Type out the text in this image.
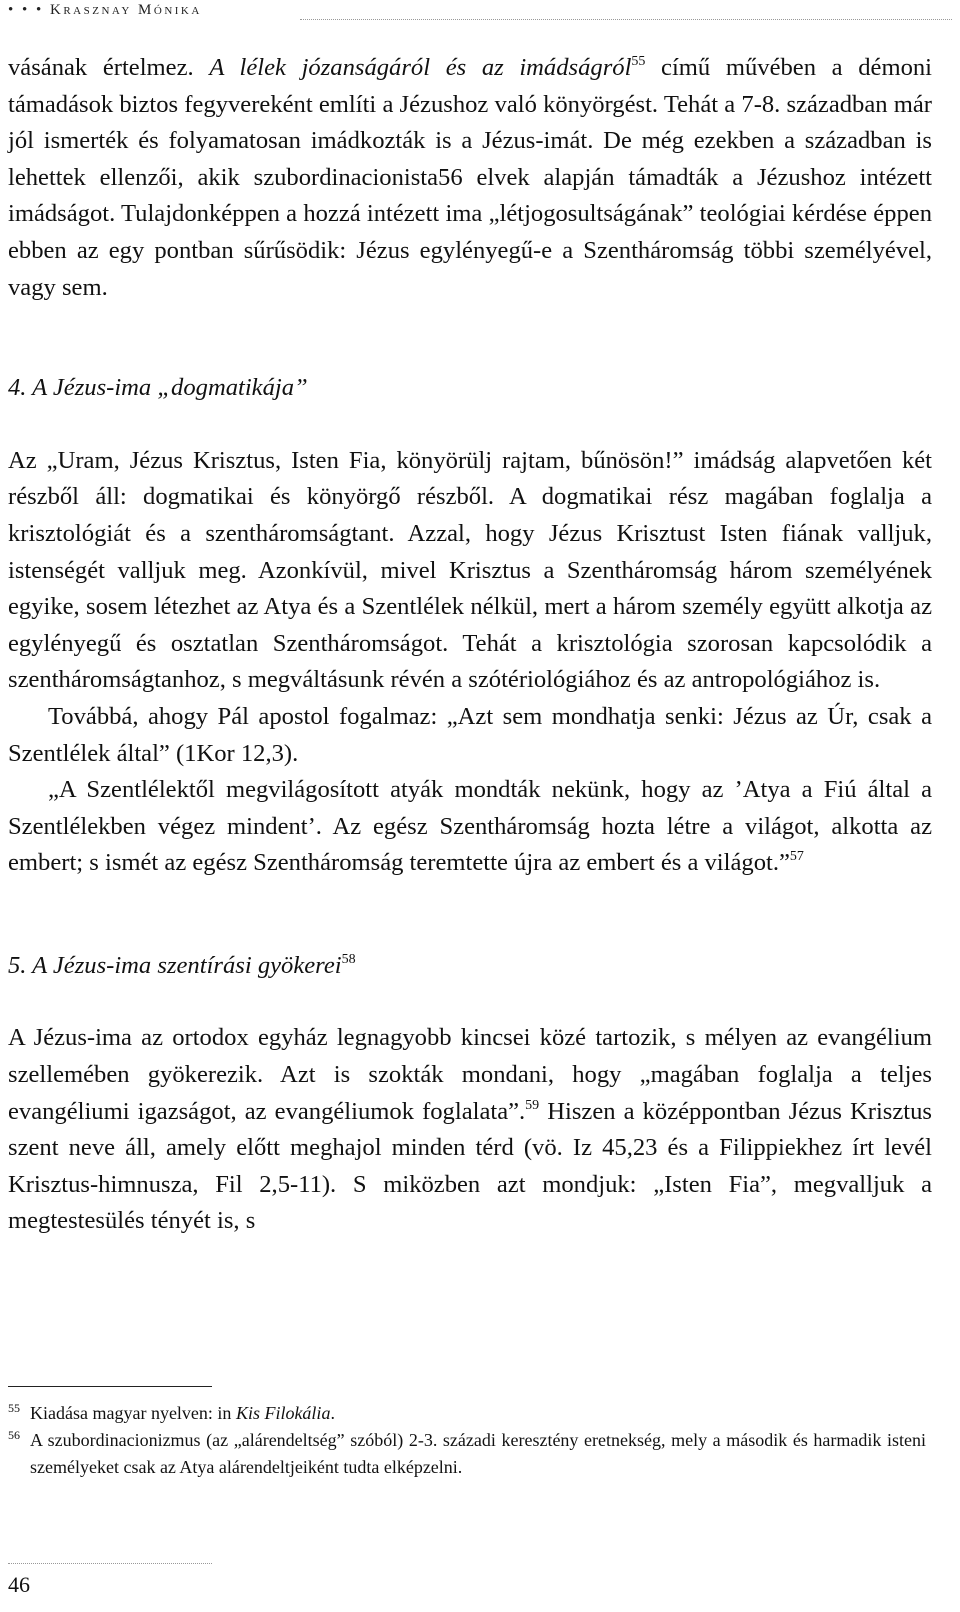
• • • Krasznay Mónika

vásának értelmez. A lélek józanságáról és az imádságról$^{55}$ című művében a démoni támadások biztos fegyvereként említi a Jézushoz való könyörgést. Tehát a 7-8. században már jól ismerték és folyamatosan imádkozták is a Jézus-imát. De még ezekben a században is lehettek ellenzői, akik szubordinacionista56 elvek alapján támadták a Jézushoz intézett imádságot. Tulajdonképpen a hozzá intézett ima „létjogosultságának” teológiai kérdése éppen ebben az egy pontban sűrűsödik: Jézus egylényegű-e a Szentháromság többi személyével, vagy sem.

4. A Jézus-ima „dogmatikája”

Az „Uram, Jézus Krisztus, Isten Fia, könyörülj rajtam, bűnösön!” imádság alapvetően két részből áll: dogmatikai és könyörgő részből. A dogmatikai rész magában foglalja a krisztológiát és a szentháromságtant. Azzal, hogy Jézus Krisztust Isten fiának valljuk, istenségét valljuk meg. Azonkívül, mivel Krisztus a Szentháromság három személyének egyike, sosem létezhet az Atya és a Szentlélek nélkül, mert a három személy együtt alkotja az egylényegű és osztatlan Szentháromságot. Tehát a krisztológia szorosan kapcsolódik a szentháromságtanhoz, s megváltásunk révén a szótériológiához és az antropológiához is.

Továbbá, ahogy Pál apostol fogalmaz: „Azt sem mondhatja senki: Jézus az Úr, csak a Szentlélek által” (1Kor 12,3).

„A Szentlélektől megvilágosított atyák mondták nekünk, hogy az ’Atya a Fiú által a Szentlélekben végez mindent’. Az egész Szentháromság hozta létre a világot, alkotta az embert; s ismét az egész Szentháromság teremtette újra az embert és a világot.”$^{57}$

5. A Jézus-ima szentírási gyökerei$^{58}$

A Jézus-ima az ortodox egyház legnagyobb kincsei közé tartozik, s mélyen az evangélium szellemében gyökerezik. Azt is szokták mondani, hogy „magában foglalja a teljes evangéliumi igazságot, az evangéliumok foglalata”.$^{59}$ Hiszen a középpontban Jézus Krisztus szent neve áll, amely előtt meghajol minden térd (vö. Iz 45,23 és a Filippiekhez írt levél Krisztus-himnusza, Fil 2,5-11). S miközben azt mondjuk: „Isten Fia”, megvalljuk a megtestesülés tényét is, s

55 Kiadása magyar nyelven: in Kis Filokália.

56 A szubordinacionizmus (az „alárendeltség” szóból) 2-3. századi keresztény eretnekség, mely a második és harmadik isteni személyeket csak az Atya alárendeltjeiként tudta elképzelni.

46
